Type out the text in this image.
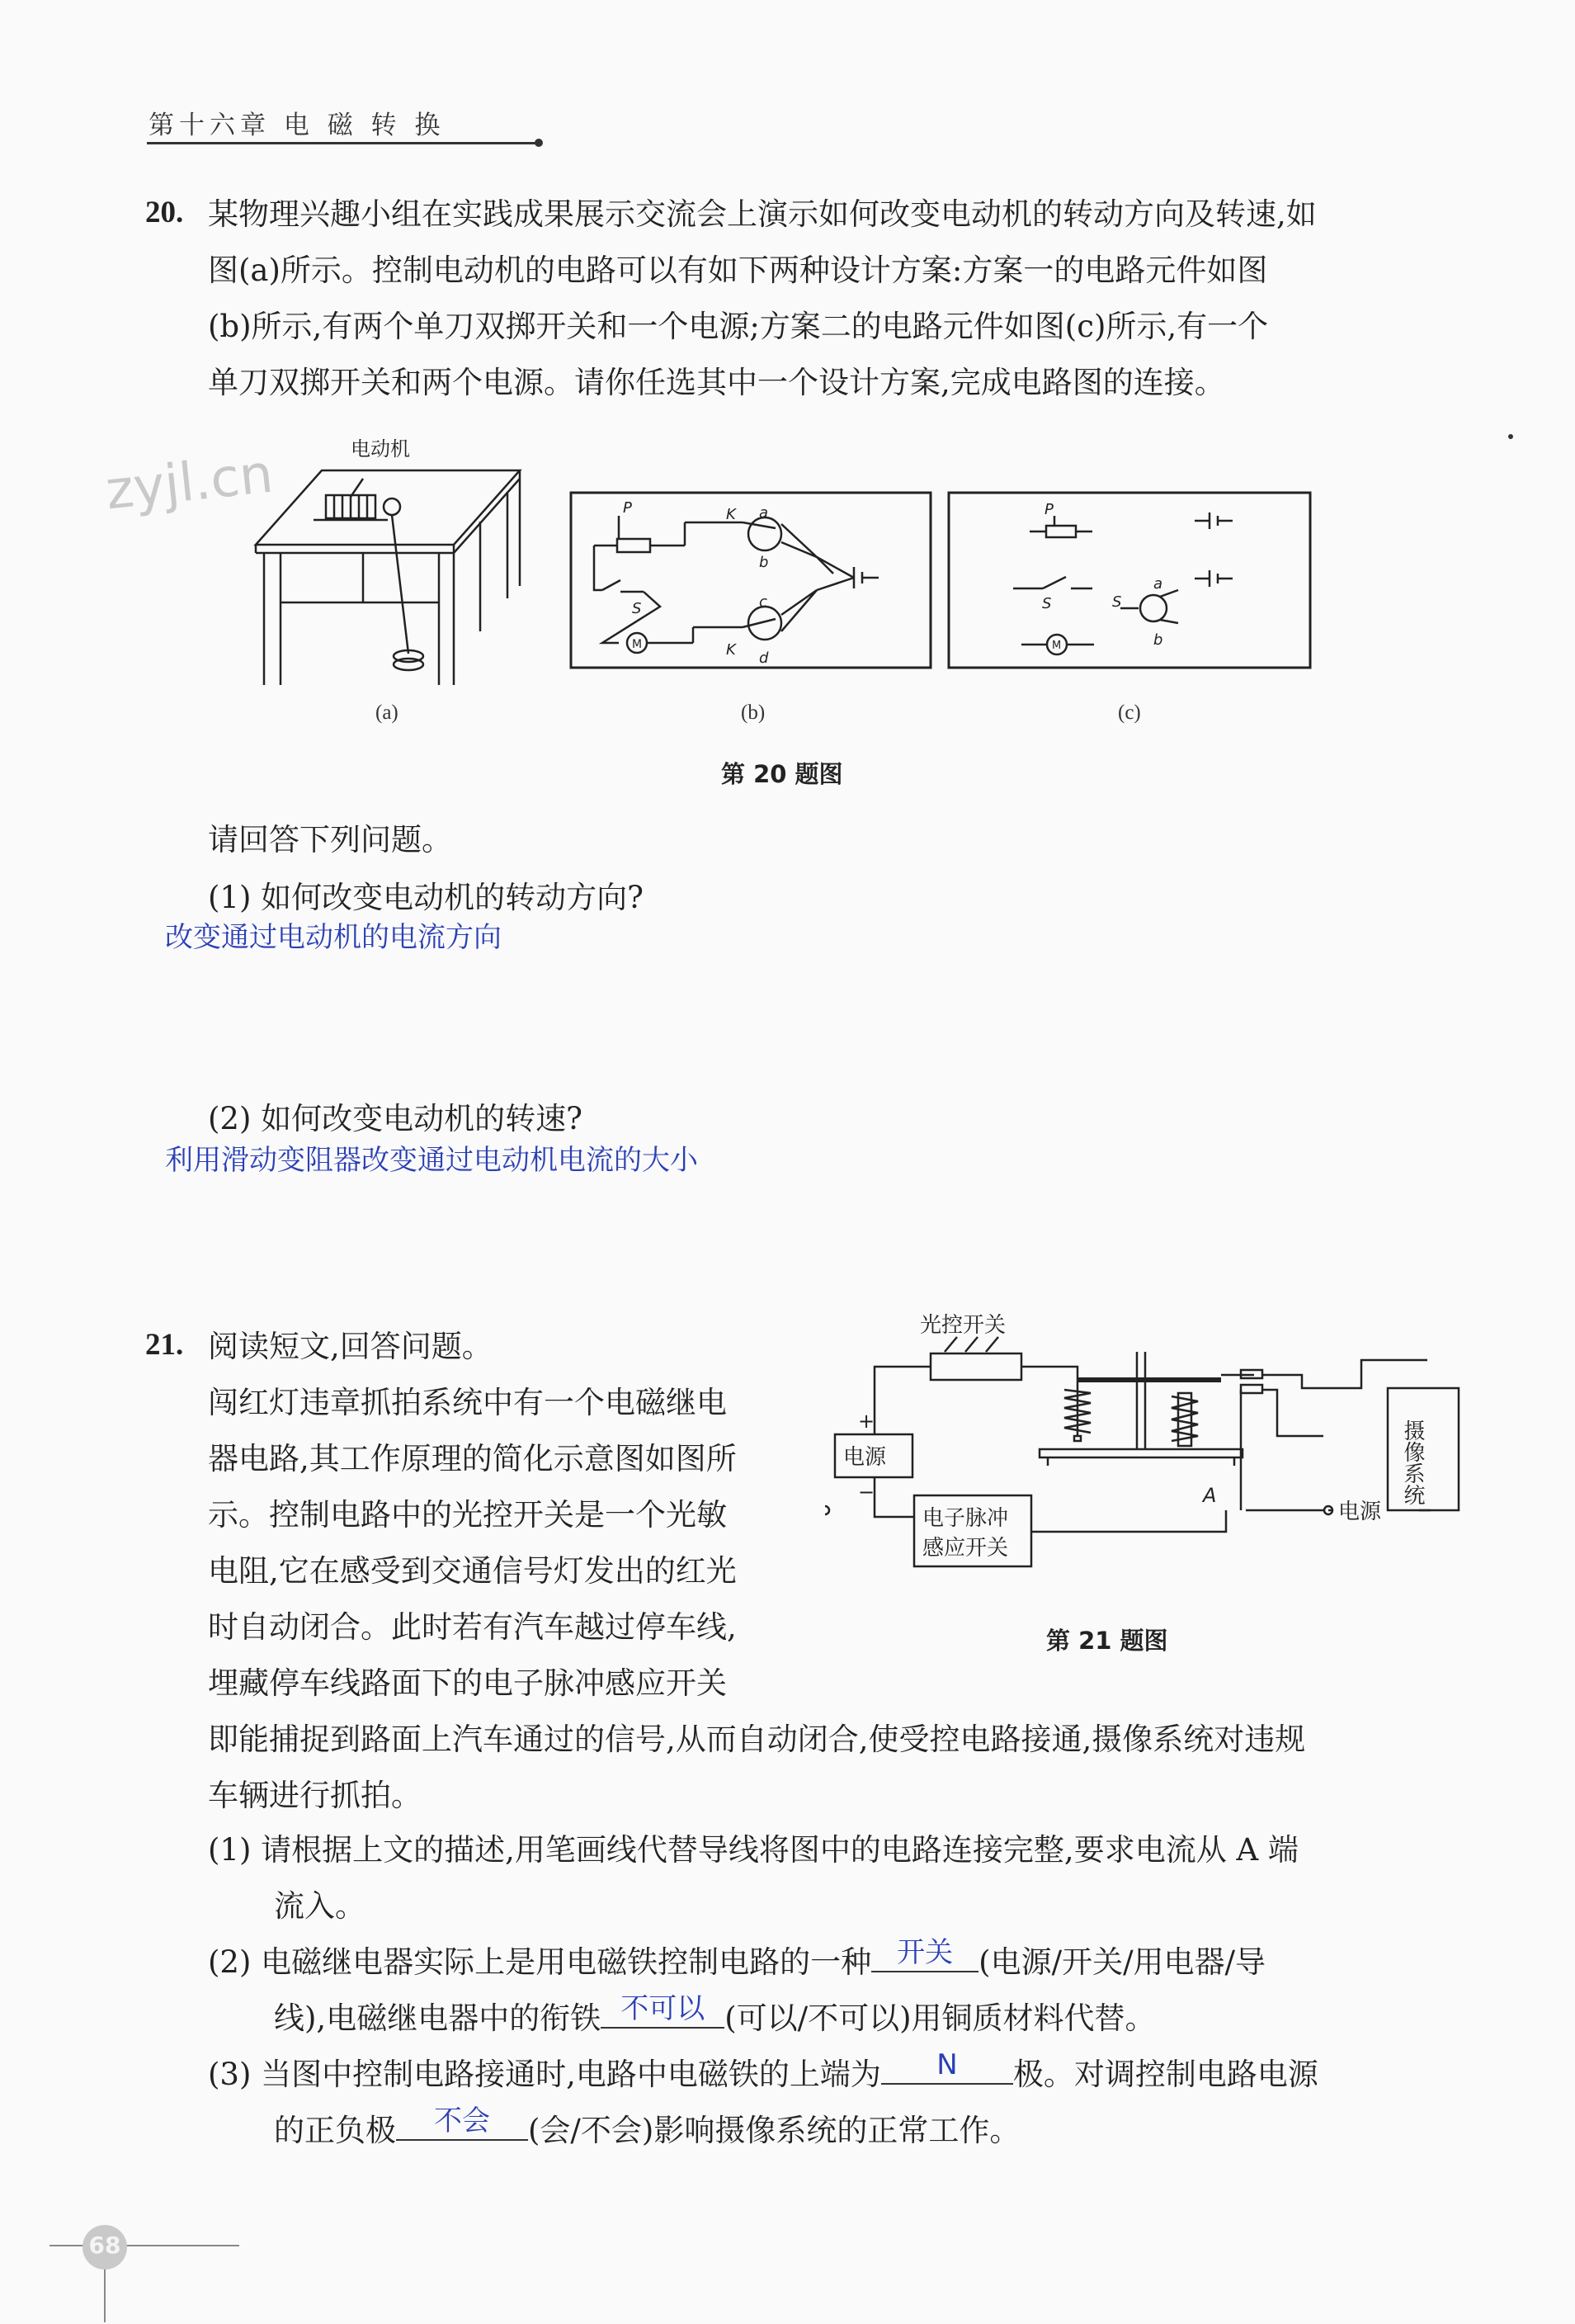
第十六章 电 磁 转 换
20. 某物理兴趣小组在实践成果展示交流会上演示如何改变电动机的转动方向及转速,如
图(a)所示。控制电动机的电路可以有如下两种设计方案:方案一的电路元件如图
(b)所示,有两个单刀双掷开关和一个电源;方案二的电路元件如图(c)所示,有一个
单刀双掷开关和两个电源。请你任选其中一个设计方案,完成电路图的连接。
zyjl.cn	电动机
(a)
P	K a
b
c
d
K
M
S
(b)
P
S	S
a
b
M
(c)
第 20 题图
请回答下列问题。
(1) 如何改变电动机的转动方向?
改变通过电动机的电流方向
(2) 如何改变电动机的转速?
利用滑动变阻器改变通过电动机电流的大小
21. 阅读短文,回答问题。
闯红灯违章抓拍系统中有一个电磁继电
器电路,其工作原理的简化示意图如图所
示。控制电路中的光控开关是一个光敏
电阻,它在感受到交通信号灯发出的红光
时自动闭合。此时若有汽车越过停车线,
埋藏停车线路面下的电子脉冲感应开关
光控开关
电源
+
−
电子脉冲
感应开关
A
电源
摄像系统
第 21 题图
即能捕捉到路面上汽车通过的信号,从而自动闭合,使受控电路接通,摄像系统对违规
车辆进行抓拍。
(1) 请根据上文的描述,用笔画线代替导线将图中的电路连接完整,要求电流从 A 端
流入。
(2) 电磁继电器实际上是用电磁铁控制电路的一种 开关 (电源/开关/用电器/导
线),电磁继电器中的衔铁 不可以 (可以/不可以)用铜质材料代替。
(3) 当图中控制电路接通时,电路中电磁铁的上端为	N	极。对调控制电路电源
的正负极	不会	(会/不会)影响摄像系统的正常工作。
68
